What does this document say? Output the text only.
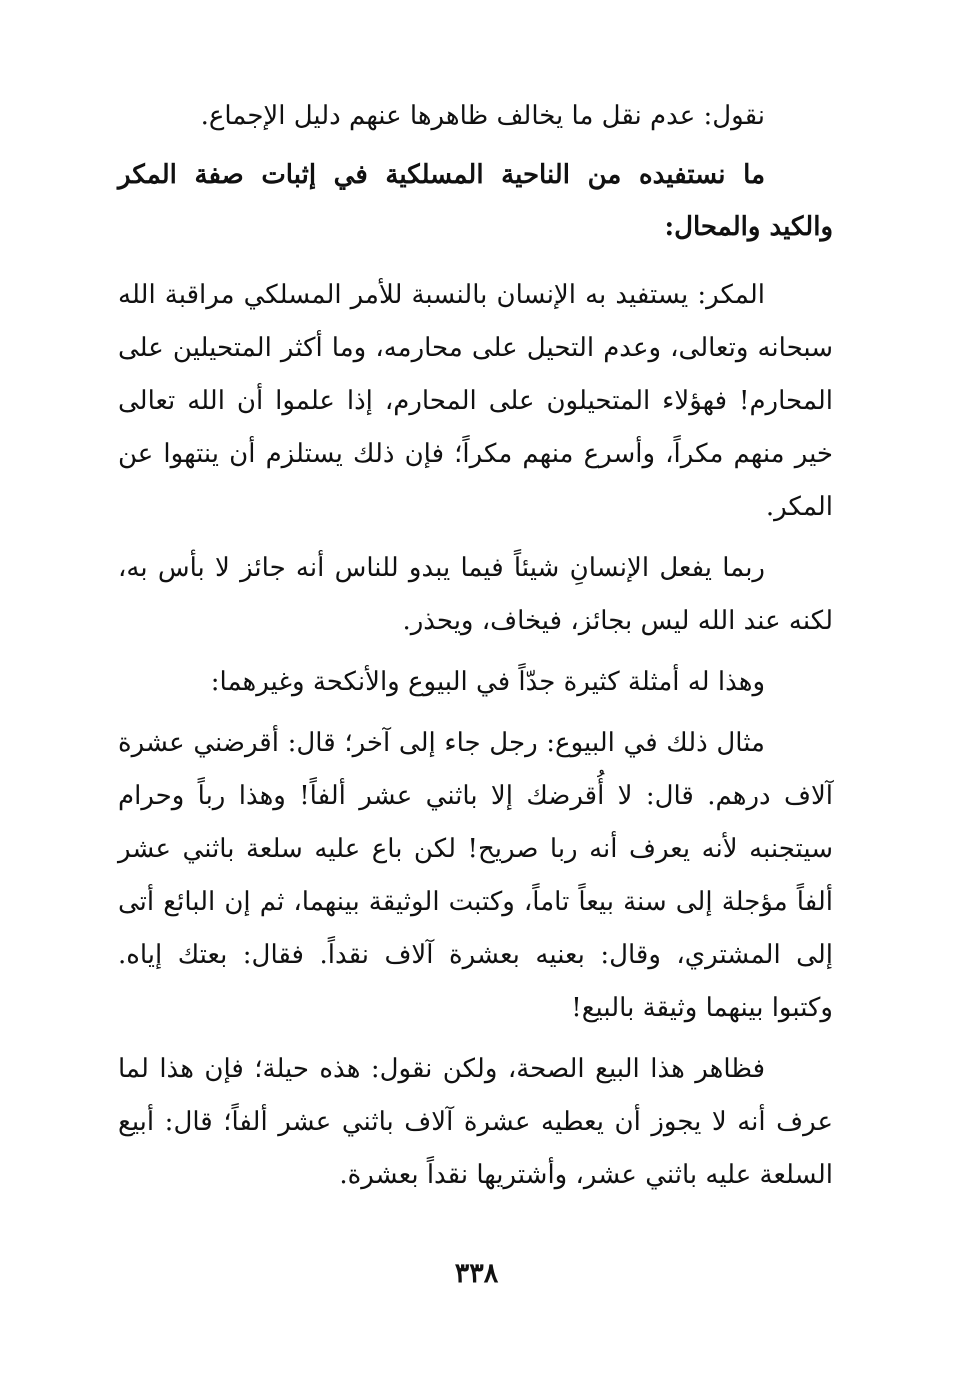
نقول: عدم نقل ما يخالف ظاهرها عنهم دليل الإجماع.

ما نستفيده من الناحية المسلكية في إثبات صفة المكر والكيد والمحال:

المكر: يستفيد به الإنسان بالنسبة للأمر المسلكي مراقبة الله سبحانه وتعالى، وعدم التحيل على محارمه، وما أكثر المتحيلين على المحارم! فهؤلاء المتحيلون على المحارم، إذا علموا أن الله تعالى خير منهم مكراً، وأسرع منهم مكراً؛ فإن ذلك يستلزم أن ينتهوا عن المكر.

ربما يفعل الإنسانِ شيئاً فيما يبدو للناس أنه جائز لا بأس به، لكنه عند الله ليس بجائز، فيخاف، ويحذر.

وهذا له أمثلة كثيرة جدّاً في البيوع والأنكحة وغيرهما:

مثال ذلك في البيوع: رجل جاء إلى آخر؛ قال: أقرضني عشرة آلاف درهم. قال: لا أُقرضك إلا باثني عشر ألفاً! وهذا رباً وحرام سيتجنبه لأنه يعرف أنه ربا صريح! لكن باع عليه سلعة باثني عشر ألفاً مؤجلة إلى سنة بيعاً تاماً، وكتبت الوثيقة بينهما، ثم إن البائع أتى إلى المشتري، وقال: بعنيه بعشرة آلاف نقداً. فقال: بعتك إياه. وكتبوا بينهما وثيقة بالبيع!

فظاهر هذا البيع الصحة، ولكن نقول: هذه حيلة؛ فإن هذا لما عرف أنه لا يجوز أن يعطيه عشرة آلاف باثني عشر ألفاً؛ قال: أبيع السلعة عليه باثني عشر، وأشتريها نقداً بعشرة.

٣٣٨
